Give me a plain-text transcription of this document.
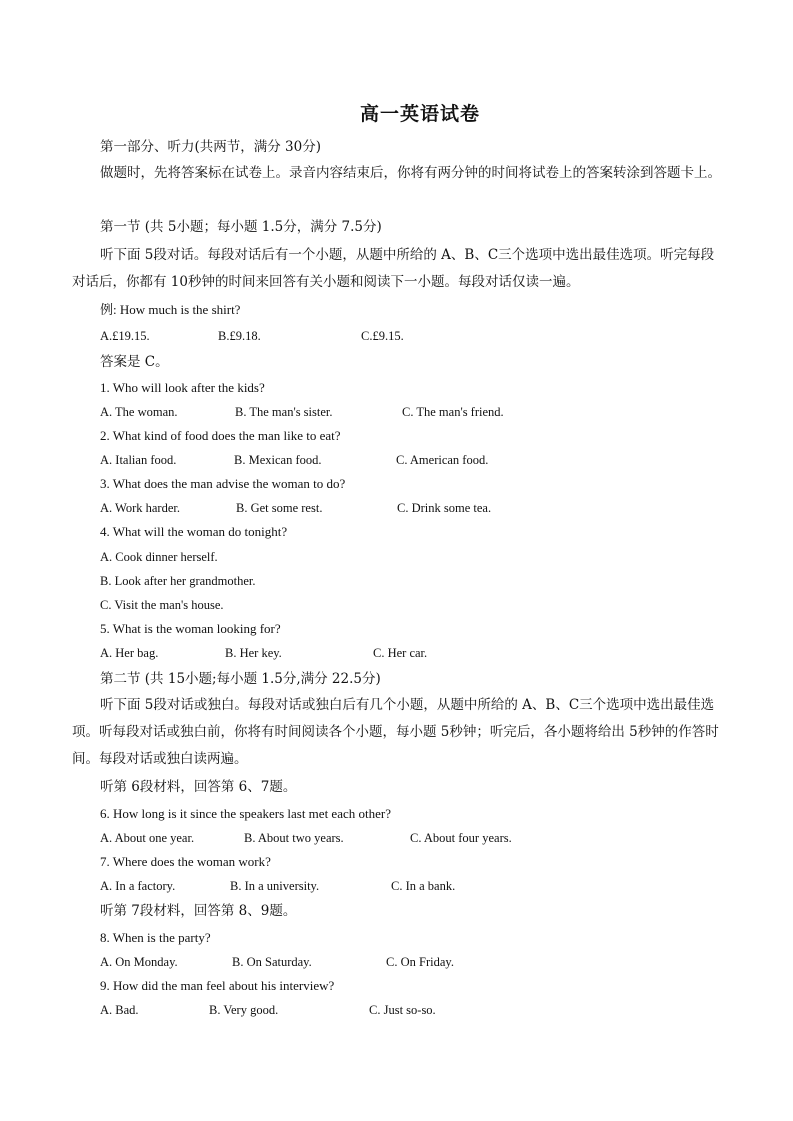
高一英语试卷
第一部分、听力(共两节，满分 30分)
做题时，先将答案标在试卷上。录音内容结束后，你将有两分钟的时间将试卷上的答案转涂到答题卡上。
第一节 (共 5小题；每小题 1.5分，满分 7.5分)
听下面 5段对话。每段对话后有一个小题，从题中所给的 A、B、C三个选项中选出最佳选项。听完每段对话后，你都有 10秒钟的时间来回答有关小题和阅读下一小题。每段对话仅读一遍。
例: How much is the shirt?
A.£19.15.	B.£9.18.	C.£9.15.
答案是 C。
1. Who will look after the kids?
A. The woman.	B. The man's sister.	C. The man's friend.
2. What kind of food does the man like to eat?
A. Italian food.	B. Mexican food.	C. American food.
3. What does the man advise the woman to do?
A. Work harder.	B. Get some rest.	C. Drink some tea.
4. What will the woman do tonight?
A. Cook dinner herself.
B. Look after her grandmother.
C. Visit the man's house.
5. What is the woman looking for?
A. Her bag.	B. Her key.	C. Her car.
第二节 (共 15小题;每小题 1.5分,满分 22.5分)
听下面 5段对话或独白。每段对话或独白后有几个小题，从题中所给的 A、B、C三个选项中选出最佳选项。听每段对话或独白前，你将有时间阅读各个小题，每小题 5秒钟；听完后，各小题将给出 5秒钟的作答时间。每段对话或独白读两遍。
听第 6段材料，回答第 6、7题。
6. How long is it since the speakers last met each other?
A. About one year.	B. About two years.	C. About four years.
7. Where does the woman work?
A. In a factory.	B. In a university.	C. In a bank.
听第 7段材料，回答第 8、9题。
8. When is the party?
A. On Monday.	B. On Saturday.	C. On Friday.
9. How did the man feel about his interview?
A. Bad.	B. Very good.	C. Just so-so.
